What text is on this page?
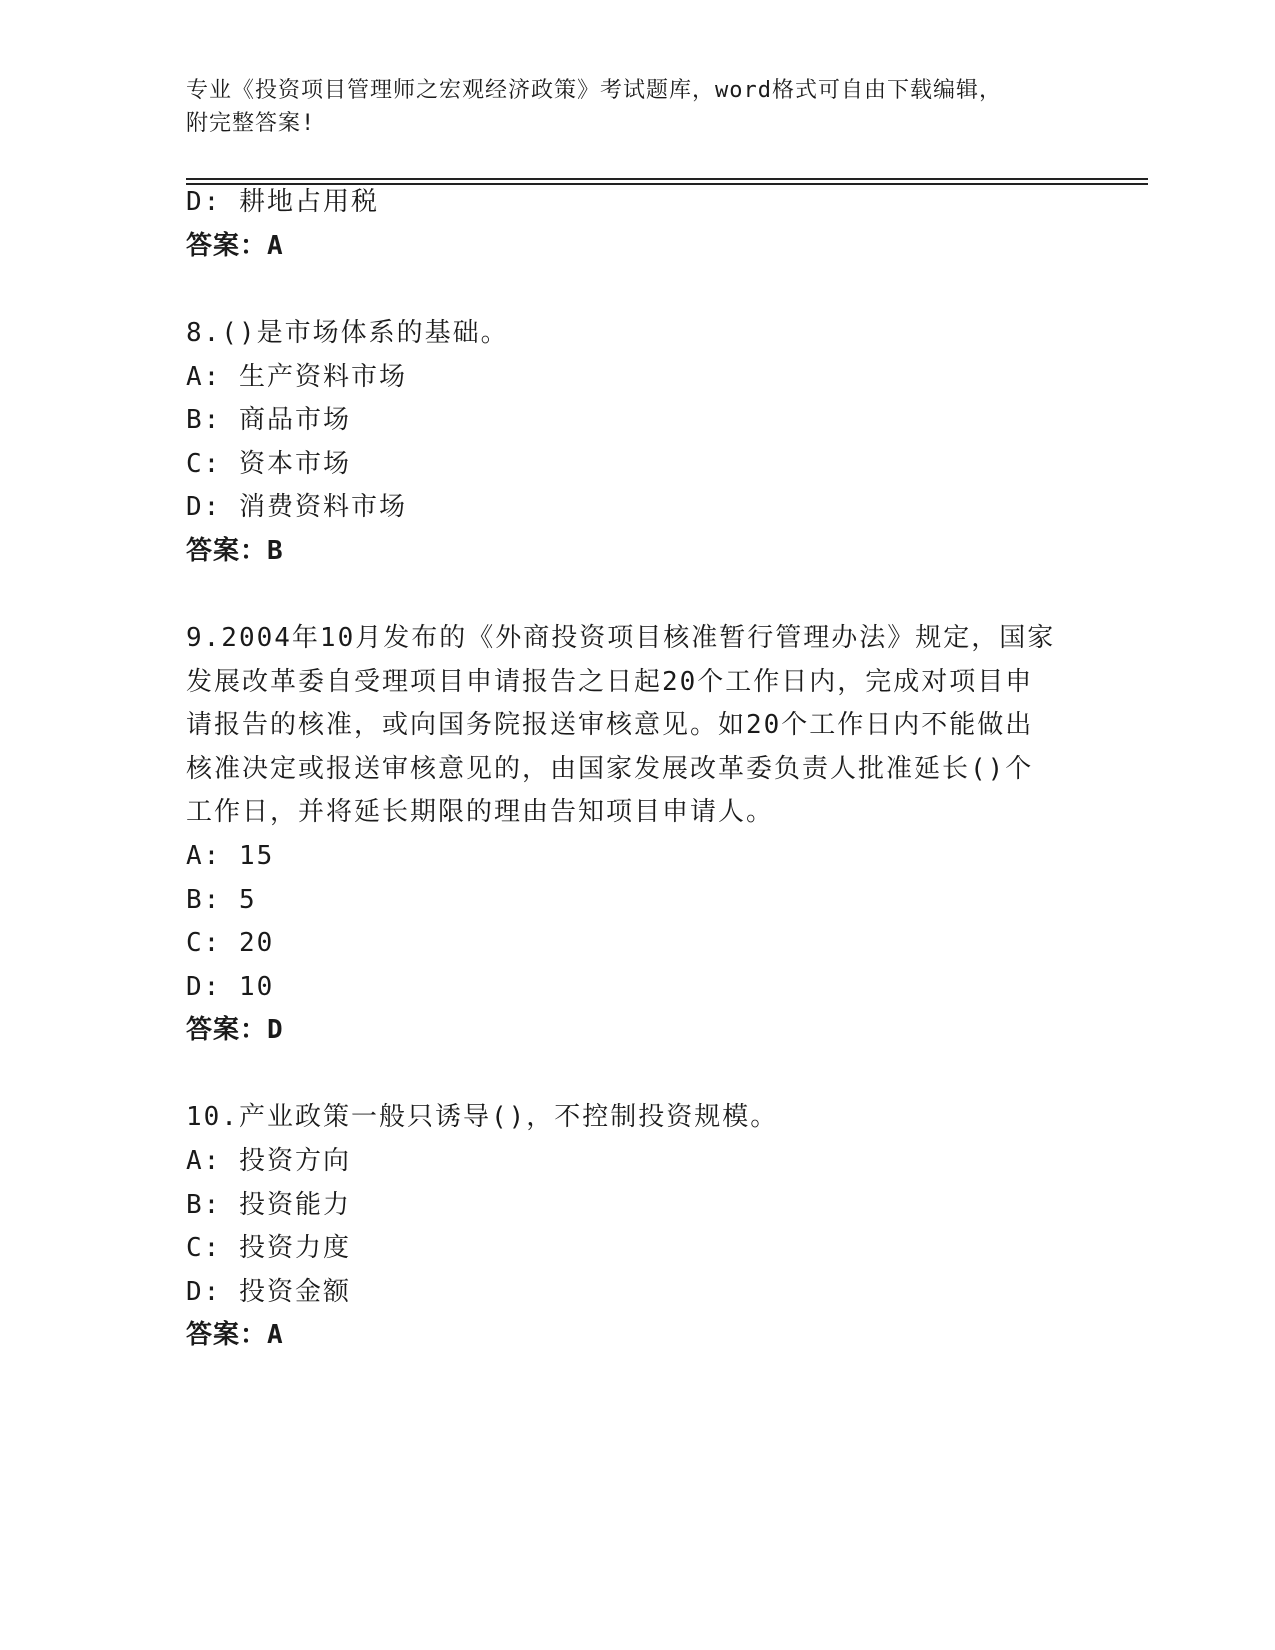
专业《投资项目管理师之宏观经济政策》考试题库，word格式可自由下载编辑，
附完整答案!
D: 耕地占用税
答案：A
8.()是市场体系的基础。
A: 生产资料市场
B: 商品市场
C: 资本市场
D: 消费资料市场
答案：B
9.2004年10月发布的《外商投资项目核准暂行管理办法》规定，国家
发展改革委自受理项目申请报告之日起20个工作日内，完成对项目申
请报告的核准，或向国务院报送审核意见。如20个工作日内不能做出
核准决定或报送审核意见的，由国家发展改革委负责人批准延长()个
工作日，并将延长期限的理由告知项目申请人。
A: 15
B: 5
C: 20
D: 10
答案：D
10.产业政策一般只诱导()，不控制投资规模。
A: 投资方向
B: 投资能力
C: 投资力度
D: 投资金额
答案：A
